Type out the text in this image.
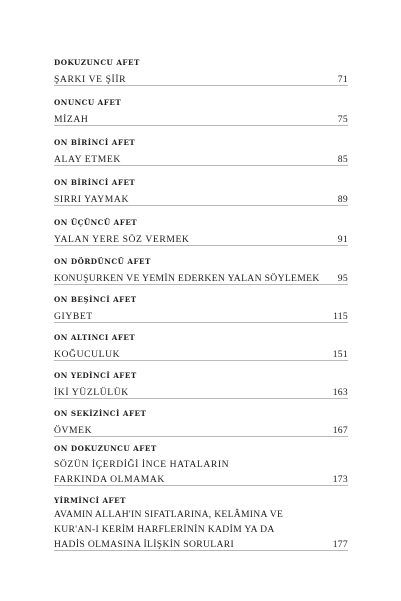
DOKUZUNCU AFET
ŞARKI VE ŞİİR	71
ONUNCU AFET
MİZAH	75
ON BİRİNCİ AFET
ALAY ETMEK	85
ON BİRİNCİ AFET
SIRRI YAYMAK	89
ON ÜÇÜNCÜ AFET
YALAN YERE SÖZ VERMEK	91
ON DÖRDÜNCÜ AFET
KONUŞURKEN VE YEMİN EDERKEN YALAN SÖYLEMEK 95
ON BEŞİNCİ AFET
GIYBET	115
ON ALTINCI AFET
KOĞUCULUK	151
ON YEDİNCİ AFET
İKİ YÜZLÜLÜK	163
ON SEKİZİNCİ AFET
ÖVMEK	167
ON DOKUZUNCU AFET
SÖZÜN İÇERDİĞİ İNCE HATALARIN
FARKINDA OLMAMAK	173
YİRMİNCİ AFET
AVAMIN ALLAH'IN SIFATLARINA, KELÂMINA VE
KUR'AN-I KERİM HARFLERİNİN KADİM YA DA
HADİS OLMASINA İLİŞKİN SORULARI	177
